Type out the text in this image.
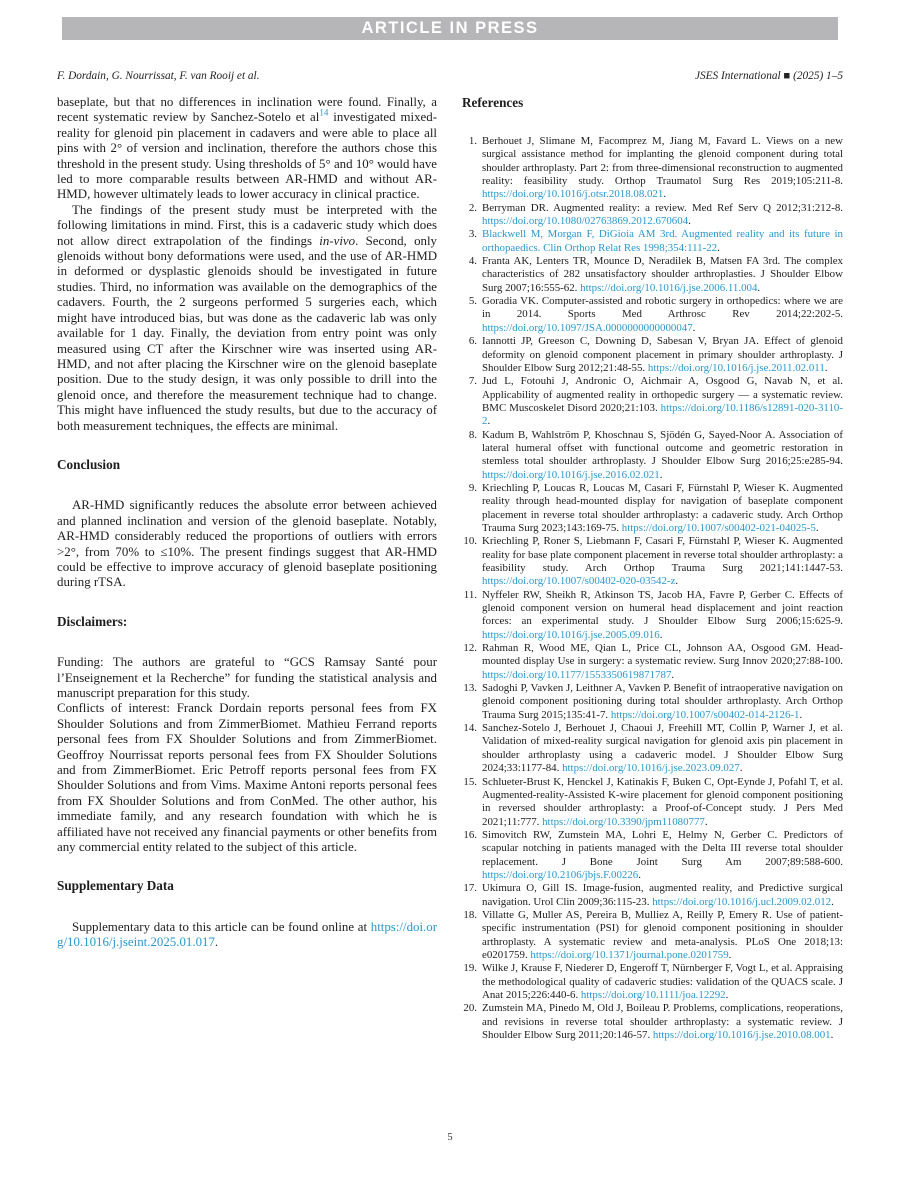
ARTICLE IN PRESS
F. Dordain, G. Nourrissat, F. van Rooij et al.	JSES International ■ (2025) 1–5

baseplate, but that no differences in inclination were found. Finally, a recent systematic review by Sanchez-Sotelo et al$^{14}$ investigated mixed-reality for glenoid pin placement in cadavers and were able to place all pins with 2° of version and inclination, therefore the authors chose this threshold in the present study. Using thresholds of 5° and 10° would have led to more comparable results between AR-HMD and without AR-HMD, however ultimately leads to lower accuracy in clinical practice.

The findings of the present study must be interpreted with the following limitations in mind. First, this is a cadaveric study which does not allow direct extrapolation of the findings in-vivo. Second, only glenoids without bony deformations were used, and the use of AR-HMD in deformed or dysplastic glenoids should be investigated in future studies. Third, no information was available on the demographics of the cadavers. Fourth, the 2 surgeons performed 5 surgeries each, which might have introduced bias, but was done as the cadaveric lab was only available for 1 day. Finally, the deviation from entry point was only measured using CT after the Kirschner wire was inserted using AR-HMD, and not after placing the Kirschner wire on the glenoid baseplate position. Due to the study design, it was only possible to drill into the glenoid once, and therefore the measurement technique had to change. This might have influenced the study results, but due to the accuracy of both measurement techniques, the effects are minimal.

Conclusion

AR-HMD significantly reduces the absolute error between achieved and planned inclination and version of the glenoid baseplate. Notably, AR-HMD considerably reduced the proportions of outliers with errors >2°, from 70% to ≤10%. The present findings suggest that AR-HMD could be effective to improve accuracy of glenoid baseplate positioning during rTSA.

Disclaimers:

Funding: The authors are grateful to “GCS Ramsay Santé pour l’Enseignement et la Recherche” for funding the statistical analysis and manuscript preparation for this study.

Conflicts of interest: Franck Dordain reports personal fees from FX Shoulder Solutions and from ZimmerBiomet. Mathieu Ferrand reports personal fees from FX Shoulder Solutions and from ZimmerBiomet. Geoffroy Nourrissat reports personal fees from FX Shoulder Solutions and from ZimmerBiomet. Eric Petroff reports personal fees from FX Shoulder Solutions and from Vims. Maxime Antoni reports personal fees from FX Shoulder Solutions and from ConMed. The other author, his immediate family, and any research foundation with which he is affiliated have not received any financial payments or other benefits from any commercial entity related to the subject of this article.

Supplementary Data

Supplementary data to this article can be found online at https://doi.org/10.1016/j.jseint.2025.01.017.

References
1. Berhouet J, Slimane M, Facomprez M, Jiang M, Favard L. Views on a new surgical assistance method for implanting the glenoid component during total shoulder arthroplasty. Part 2: from three-dimensional reconstruction to augmented reality: feasibility study. Orthop Traumatol Surg Res 2019;105:211-8. https://doi.org/10.1016/j.otsr.2018.08.021.
2. Berryman DR. Augmented reality: a review. Med Ref Serv Q 2012;31:212-8. https://doi.org/10.1080/02763869.2012.670604.
3. Blackwell M, Morgan F, DiGioia AM 3rd. Augmented reality and its future in orthopaedics. Clin Orthop Relat Res 1998;354:111-22.
4. Franta AK, Lenters TR, Mounce D, Neradilek B, Matsen FA 3rd. The complex characteristics of 282 unsatisfactory shoulder arthroplasties. J Shoulder Elbow Surg 2007;16:555-62. https://doi.org/10.1016/j.jse.2006.11.004.
5. Goradia VK. Computer-assisted and robotic surgery in orthopedics: where we are in 2014. Sports Med Arthrosc Rev 2014;22:202-5. https://doi.org/10.1097/JSA.0000000000000047.
6. Iannotti JP, Greeson C, Downing D, Sabesan V, Bryan JA. Effect of glenoid deformity on glenoid component placement in primary shoulder arthroplasty. J Shoulder Elbow Surg 2012;21:48-55. https://doi.org/10.1016/j.jse.2011.02.011.
7. Jud L, Fotouhi J, Andronic O, Aichmair A, Osgood G, Navab N, et al. Applicability of augmented reality in orthopedic surgery — a systematic review. BMC Muscoskelet Disord 2020;21:103. https://doi.org/10.1186/s12891-020-3110-2.
8. Kadum B, Wahlström P, Khoschnau S, Sjödén G, Sayed-Noor A. Association of lateral humeral offset with functional outcome and geometric restoration in stemless total shoulder arthroplasty. J Shoulder Elbow Surg 2016;25:e285-94. https://doi.org/10.1016/j.jse.2016.02.021.
9. Kriechling P, Loucas R, Loucas M, Casari F, Fürnstahl P, Wieser K. Augmented reality through head-mounted display for navigation of baseplate component placement in reverse total shoulder arthroplasty: a cadaveric study. Arch Orthop Trauma Surg 2023;143:169-75. https://doi.org/10.1007/s00402-021-04025-5.
10. Kriechling P, Roner S, Liebmann F, Casari F, Fürnstahl P, Wieser K. Augmented reality for base plate component placement in reverse total shoulder arthroplasty: a feasibility study. Arch Orthop Trauma Surg 2021;141:1447-53. https://doi.org/10.1007/s00402-020-03542-z.
11. Nyffeler RW, Sheikh R, Atkinson TS, Jacob HA, Favre P, Gerber C. Effects of glenoid component version on humeral head displacement and joint reaction forces: an experimental study. J Shoulder Elbow Surg 2006;15:625-9. https://doi.org/10.1016/j.jse.2005.09.016.
12. Rahman R, Wood ME, Qian L, Price CL, Johnson AA, Osgood GM. Head-mounted display Use in surgery: a systematic review. Surg Innov 2020;27:88-100. https://doi.org/10.1177/1553350619871787.
13. Sadoghi P, Vavken J, Leithner A, Vavken P. Benefit of intraoperative navigation on glenoid component positioning during total shoulder arthroplasty. Arch Orthop Trauma Surg 2015;135:41-7. https://doi.org/10.1007/s00402-014-2126-1.
14. Sanchez-Sotelo J, Berhouet J, Chaoui J, Freehill MT, Collin P, Warner J, et al. Validation of mixed-reality surgical navigation for glenoid axis pin placement in shoulder arthroplasty using a cadaveric model. J Shoulder Elbow Surg 2024;33:1177-84. https://doi.org/10.1016/j.jse.2023.09.027.
15. Schlueter-Brust K, Henckel J, Katinakis F, Buken C, Opt-Eynde J, Pofahl T, et al. Augmented-reality-Assisted K-wire placement for glenoid component positioning in reversed shoulder arthroplasty: a Proof-of-Concept study. J Pers Med 2021;11:777. https://doi.org/10.3390/jpm11080777.
16. Simovitch RW, Zumstein MA, Lohri E, Helmy N, Gerber C. Predictors of scapular notching in patients managed with the Delta III reverse total shoulder replacement. J Bone Joint Surg Am 2007;89:588-600. https://doi.org/10.2106/jbjs.F.00226.
17. Ukimura O, Gill IS. Image-fusion, augmented reality, and Predictive surgical navigation. Urol Clin 2009;36:115-23. https://doi.org/10.1016/j.ucl.2009.02.012.
18. Villatte G, Muller AS, Pereira B, Mulliez A, Reilly P, Emery R. Use of patient-specific instrumentation (PSI) for glenoid component positioning in shoulder arthroplasty. A systematic review and meta-analysis. PLoS One 2018;13: e0201759. https://doi.org/10.1371/journal.pone.0201759.
19. Wilke J, Krause F, Niederer D, Engeroff T, Nürnberger F, Vogt L, et al. Appraising the methodological quality of cadaveric studies: validation of the QUACS scale. J Anat 2015;226:440-6. https://doi.org/10.1111/joa.12292.
20. Zumstein MA, Pinedo M, Old J, Boileau P. Problems, complications, reoperations, and revisions in reverse total shoulder arthroplasty: a systematic review. J Shoulder Elbow Surg 2011;20:146-57. https://doi.org/10.1016/j.jse.2010.08.001.
5
